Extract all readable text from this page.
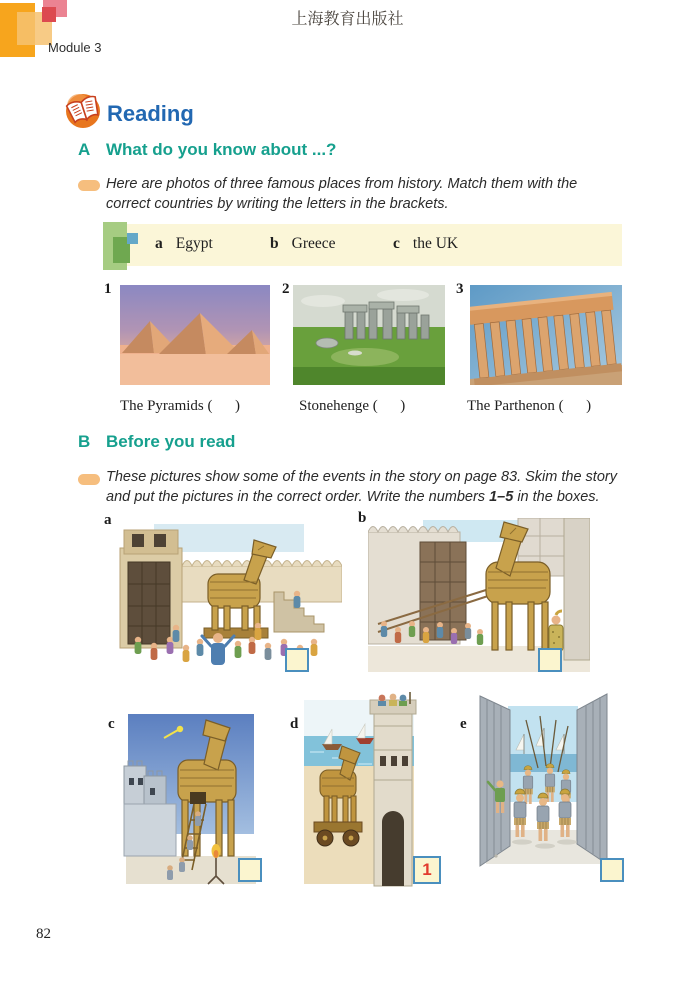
上海教育出版社
Module 3
Reading
A What do you know about ...?
Here are photos of three famous places from history. Match them with the correct countries by writing the letters in the brackets.
a Egypt	b Greece	c the UK
1	2	3
The Pyramids (      )	Stonehenge (      )	The Parthenon (      )
B Before you read
These pictures show some of the events in the story on page 83. Skim the story and put the pictures in the correct order. Write the numbers 1–5 in the boxes.
a	b
c	d
1
e
82
